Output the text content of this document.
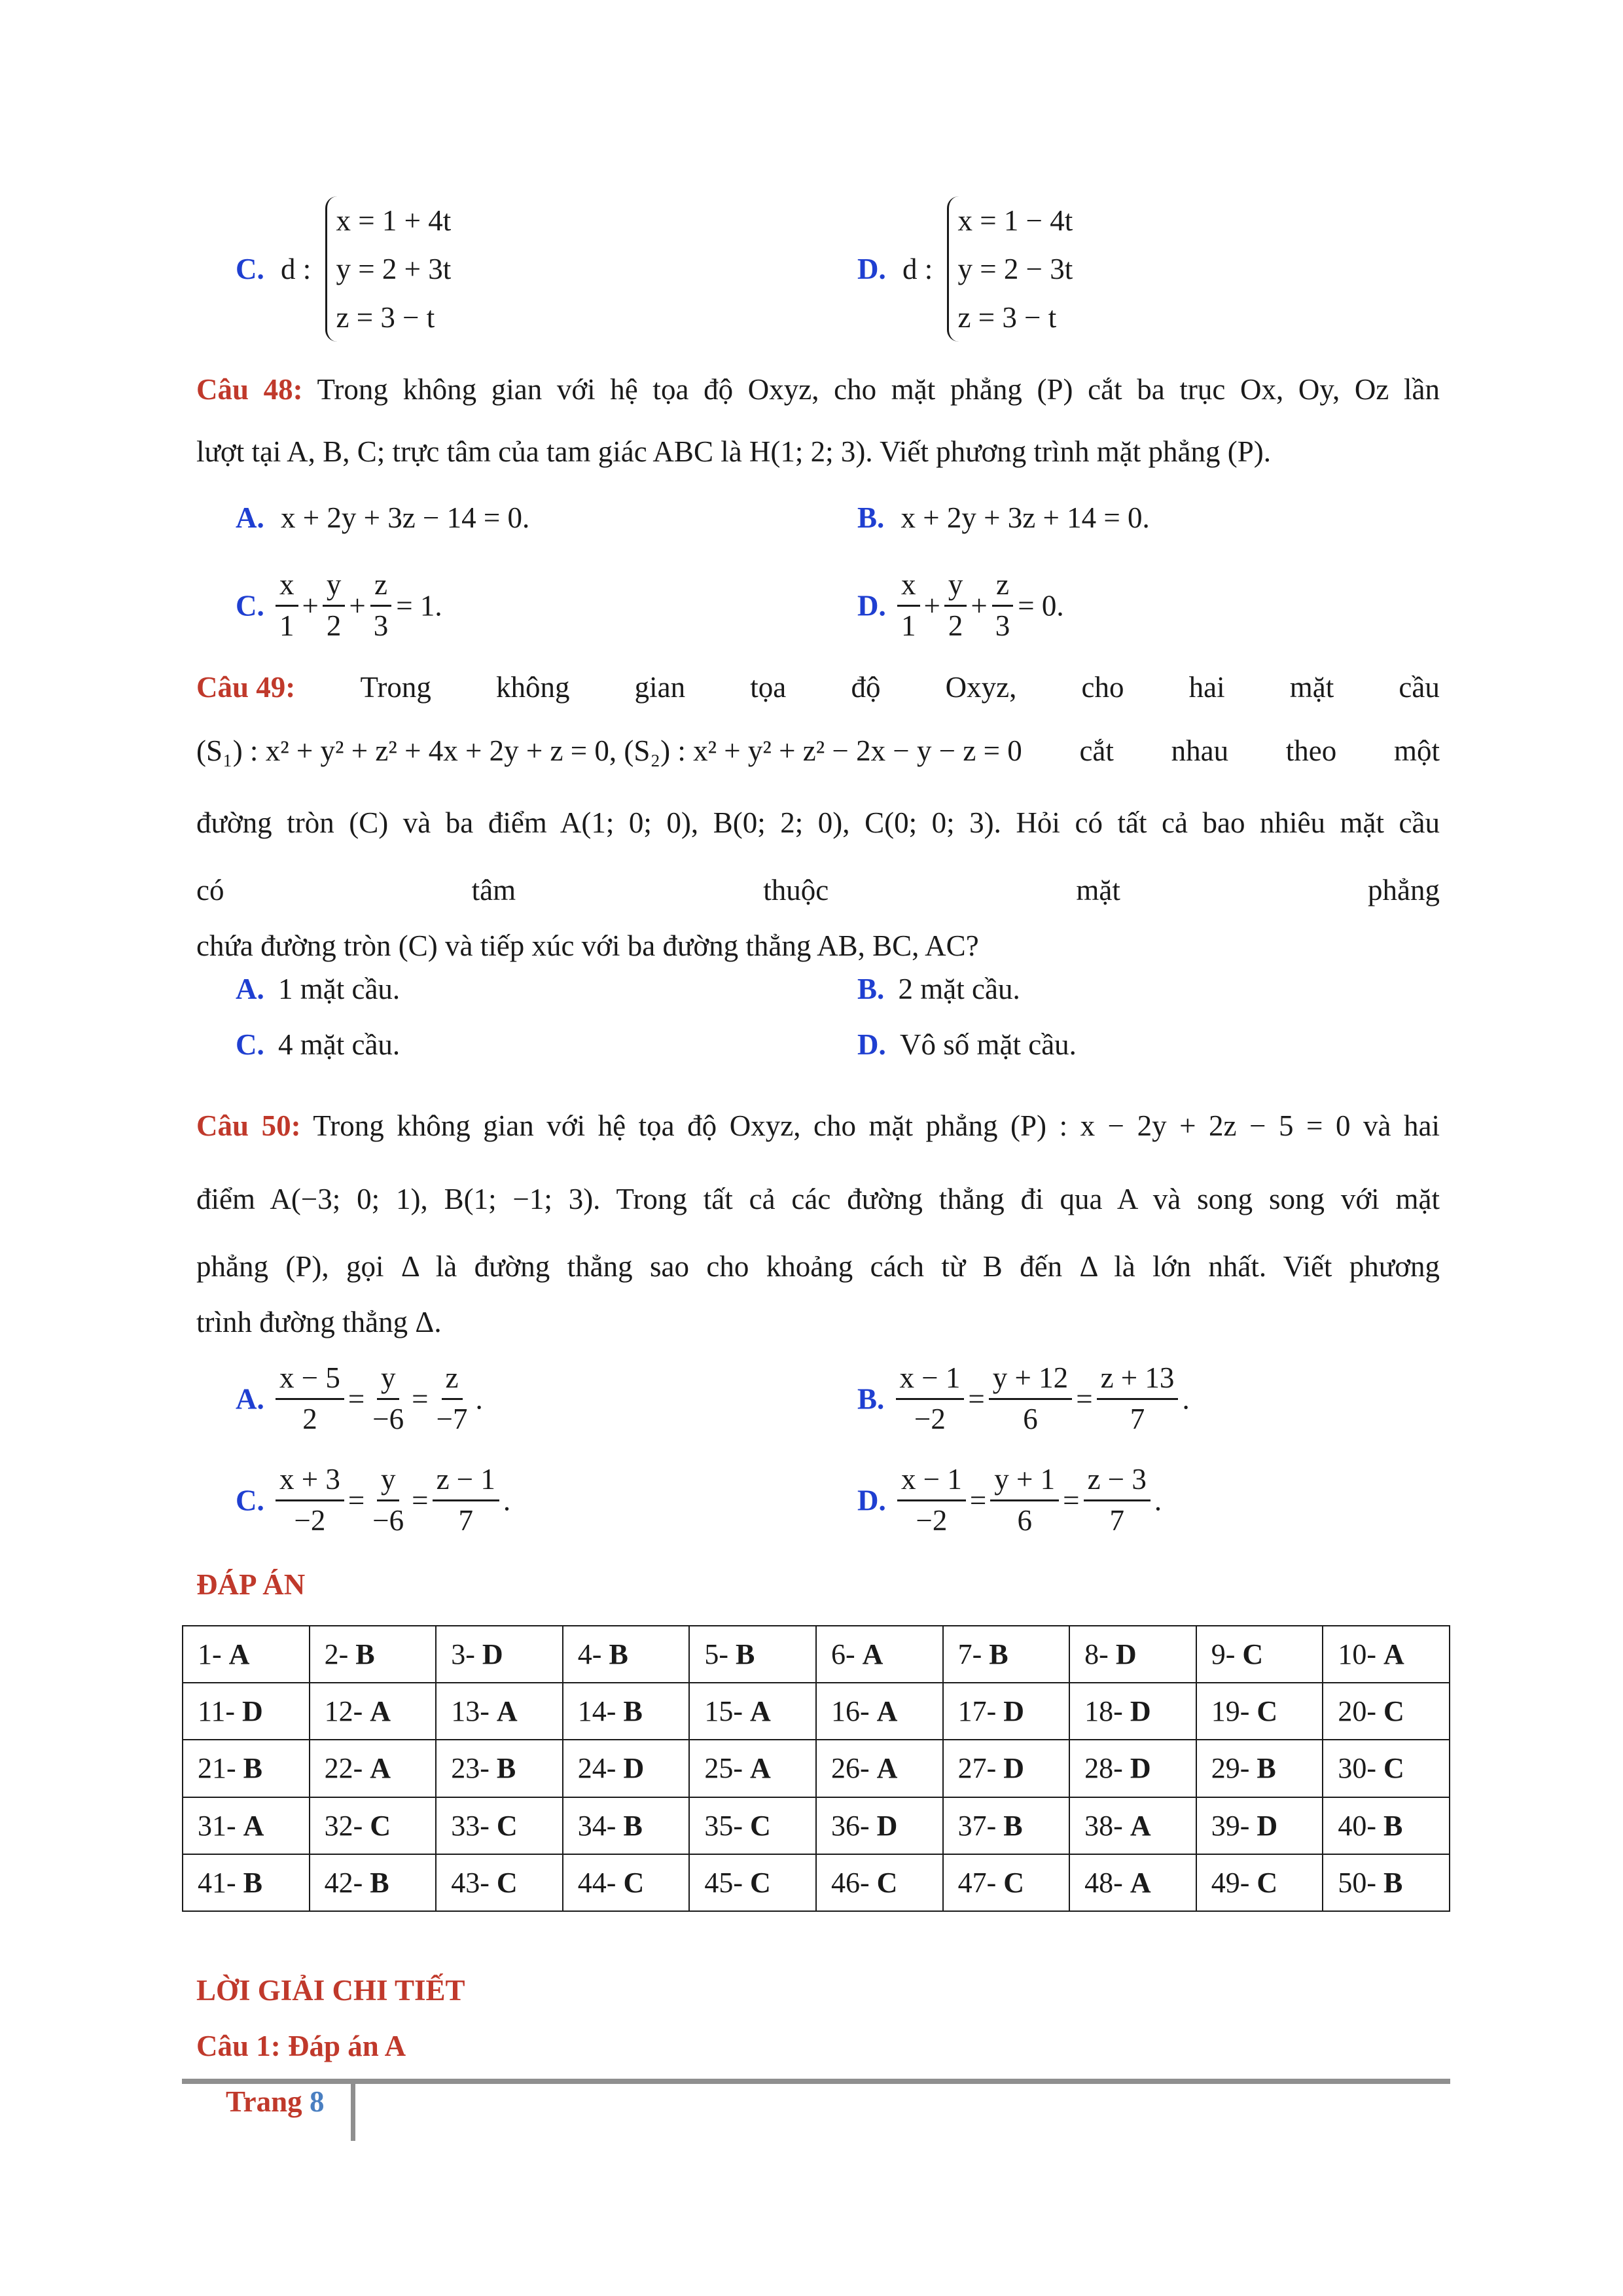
C. d :
x = 1 + 4t
y = 2 + 3t
z = 3 − t
D. d :
x = 1 − 4t
y = 2 − 3t
z = 3 − t
Câu 48: Trong không gian với hệ tọa độ Oxyz, cho mặt phẳng (P) cắt ba trục Ox, Oy, Oz lần
lượt tại A, B, C; trực tâm của tam giác ABC là H(1; 2; 3). Viết phương trình mặt phẳng (P).
A. x + 2y + 3z − 14 = 0.	B. x + 2y + 3z + 14 = 0.
C. $\frac{x}{1} + \frac{y}{2} + \frac{z}{3} = 1$.	D. $\frac{x}{1} + \frac{y}{2} + \frac{z}{3} = 0$.
Câu 49: Trong không gian tọa độ Oxyz, cho hai mặt cầu
(S₁) : x² + y² + z² + 4x + 2y + z = 0, (S₂) : x² + y² + z² − 2x − y − z = 0 cắt nhau theo một
đường tròn (C) và ba điểm A(1; 0; 0), B(0; 2; 0), C(0; 0; 3). Hỏi có tất cả bao nhiêu mặt cầu
có	tâm	thuộc	mặt	phẳng
chứa đường tròn (C) và tiếp xúc với ba đường thẳng AB, BC, AC?
A. 1 mặt cầu.	B. 2 mặt cầu.
C. 4 mặt cầu.	D. Vô số mặt cầu.
Câu 50: Trong không gian với hệ tọa độ Oxyz, cho mặt phẳng (P) : x − 2y + 2z − 5 = 0 và hai
điểm A(−3; 0; 1), B(1; −1; 3). Trong tất cả các đường thẳng đi qua A và song song với mặt
phẳng (P), gọi Δ là đường thẳng sao cho khoảng cách từ B đến Δ là lớn nhất. Viết phương
trình đường thẳng Δ.
A. $\frac{x - 5}{2} = \frac{y}{-6} = \frac{z}{-7}$ .	B. $\frac{x - 1}{-2} = \frac{y + 12}{6} = \frac{z + 13}{7}$ .
C. $\frac{x + 3}{-2} = \frac{y}{-6} = \frac{z - 1}{7}$ .	D. $\frac{x - 1}{-2} = \frac{y + 1}{6} = \frac{z - 3}{7}$ .
ĐÁP ÁN
1- A	2- B	3- D	4- B	5- B	6- A	7- B	8- D	9- C	10- A
11- D	12- A	13- A	14- B	15- A	16- A	17- D	18- D	19- C	20- C
21- B	22- A	23- B	24- D	25- A	26- A	27- D	28- D	29- B	30- C
31- A	32- C	33- C	34- B	35- C	36- D	37- B	38- A	39- D	40- B
41- B	42- B	43- C	44- C	45- C	46- C	47- C	48- A	49- C	50- B
LỜI GIẢI CHI TIẾT
Câu 1: Đáp án A
Trang 8
